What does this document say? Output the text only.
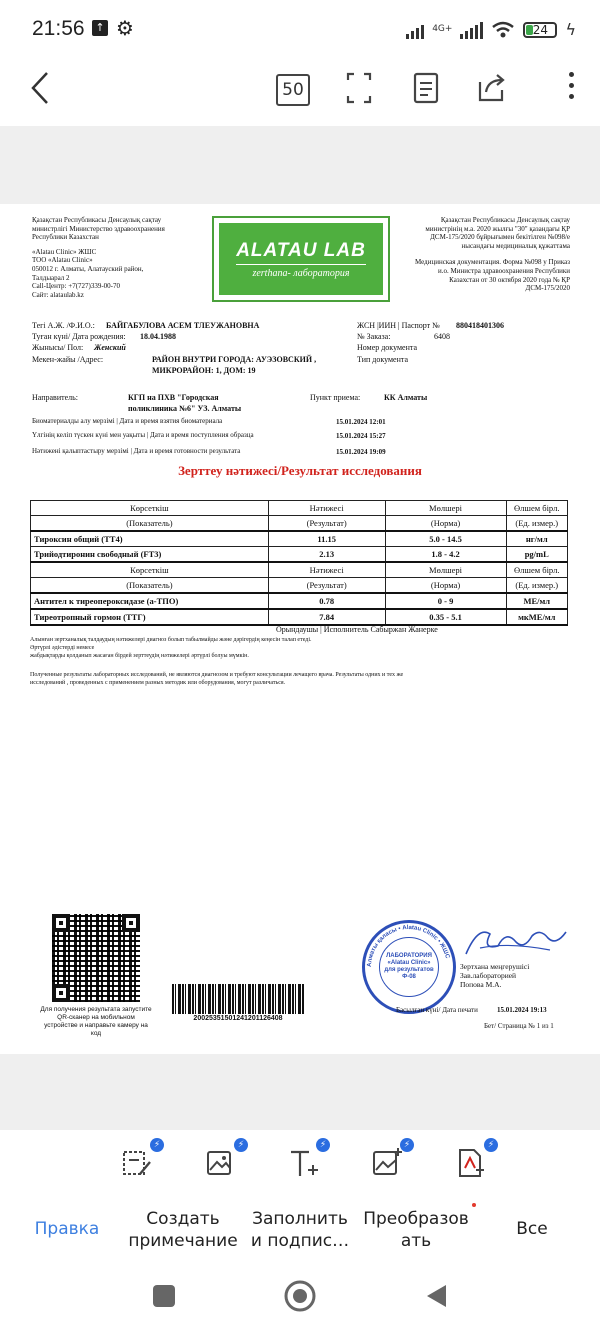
21:56 ↑ ⚙	4G+	24	ϟ
50
Қазақстан Республикасы Денсаулық сақтау
министрлігі Министерство здравоохранения
Республики Казахстан
«Alatau Clinic» ЖШС
ТОО «Alatau Clinic»
050012 г. Алматы, Алатауский район,
Талдыарал 2
Call-Центр: +7(727)339-00-70
Сайт: alataulab.kz
ALATAU LAB
zerthana- лаборатория
Қазақстан Республикасы Денсаулық сақтау
министрінің м.а. 2020 жылғы "30" қазандағы ҚР
ДСМ-175/2020 бұйрығымен бекітілген №098/е
нысандағы медициналық құжаттама
Медицинская документация. Форма №098 у Приказ
и.о. Министра здравоохранения Республики
Казахстан от 30 октября 2020 года № ҚР
ДСМ-175/2020
Тегі А.Ж. /Ф.И.О.: БАЙГАБУЛОВА АСЕМ ТЛЕУЖАНОВНА
Туған күні/ Дата рождения: 18.04.1988
Жынысы/ Пол: Женский
Мекен-жайы /Адрес:	РАЙОН ВНУТРИ ГОРОДА: АУЭЗОВСКИЙ ,
МИКРОРАЙОН: 1, ДОМ: 19
ЖСН |ИИН | Паспорт № 880418401306
№ Заказа:	6408
Номер документа
Тип документа
Направитель:	КГП на ПХВ "Городская
поликлиника №6" УЗ. Алматы
Пункт приема:	КК Алматы
Биоматериалды алу мерзімі | Дата и время взятия биоматериала	15.01.2024 12:01
Үлгінің келіп түскен күні мен уақыты | Дата и время поступления образца	15.01.2024 15:27
Нәтижені қалыптастыру мерзімі | Дата и время готовности результата	15.01.2024 19:09
Зерттеу нәтижесі/Результат исследования
Көрсеткіш	Нәтижесі	Мөлшері	Өлшем бірл.
(Показатель)	(Результат)	(Норма)	(Ед. измер.)
Тироксин общий (ТТ4)	11.15	5.0 - 14.5	нг/мл
Трийодтиронин свободный (FT3)	2.13	1.8 - 4.2	pg/mL
Көрсеткіш	Нәтижесі	Мөлшері	Өлшем бірл.
(Показатель)	(Результат)	(Норма)	(Ед. измер.)
Антител к тиреопероксидазе (а-ТПО)	0.78	0 - 9	МЕ/мл
Тиреотропный гормон (ТТГ)	7.84	0.35 - 5.1	мкМЕ/мл
Орындаушы | Исполнитель Сабыржан Жанерке
Алынған зертханалық талдаудың нәтижелері диагноз болып табылмайды және дәрігердің кеңесін талап етеді.
Әртүрлі әдістерді немесе
жабдықтарды қолданып жасаған бірдей зерттеудің нәтижелері әртүрлі болуы мүмкін.
Полученные результаты лабораторных исследований, не являются диагнозом и требуют консультации лечащего врача. Результаты одних и тех же
исследований , проведенных с применением разных методик или оборудования, могут различаться.
Для получения результата запустите
QR-сканер на мобильном
устройстве и направьте камеру на
код
20025351501241201126408
ЛАБОРАТОРИЯ
«Alatau Clinic»
для результатов
Ф-08
Алматы қаласы • Alatau Clinic • ЖШС
Зертхана меңгерушісі
Зав.лабораторией
Попова М.А.
Басылған күні/ Дата печати	15.01.2024 19:13
Бет/ Страница № 1 из 1
⚡	⚡	⚡	⚡	⚡
Правка	Создать
примечание
Заполнить
и подпис…
Преобразов
ать
Все
